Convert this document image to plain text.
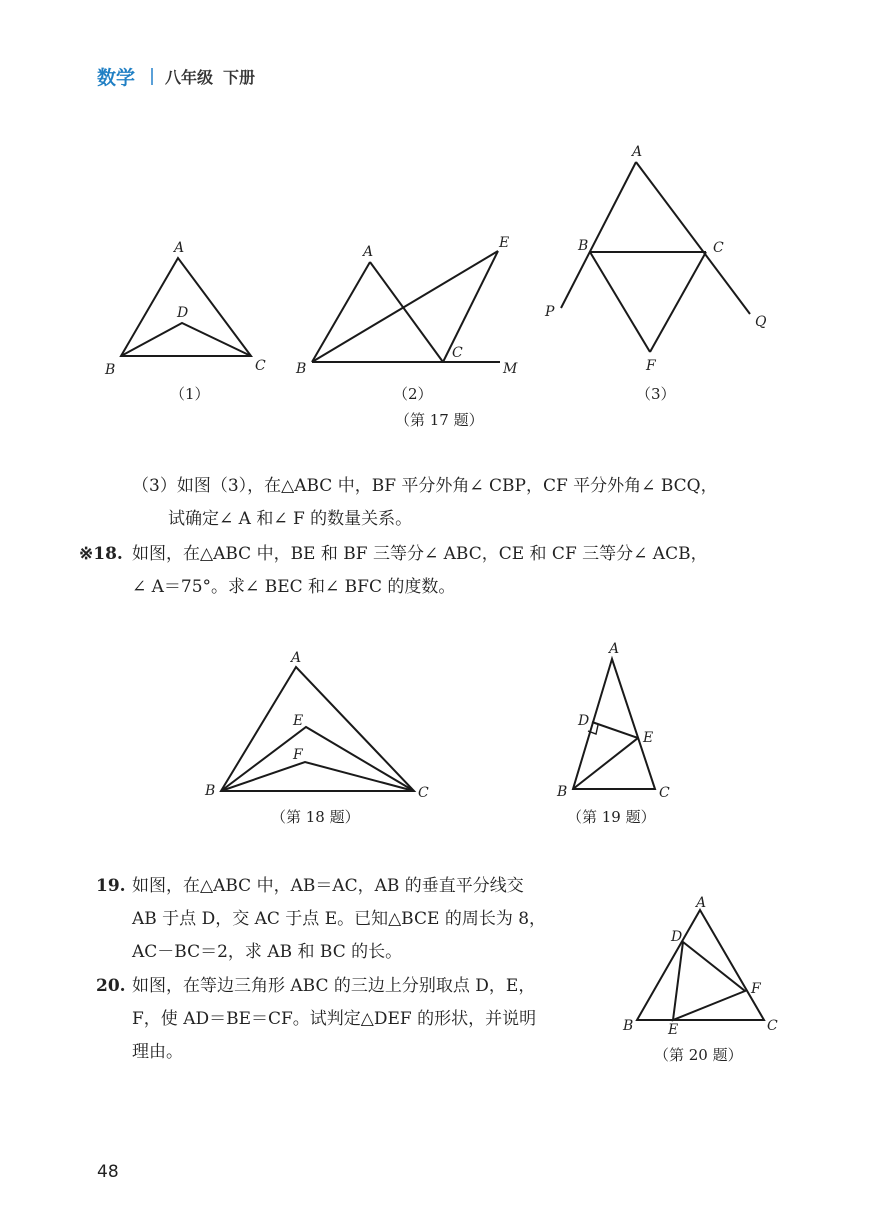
数学 八年级 下册
A
B	C
D
（1）
A
B
C
E
M
（2）
A
B	C
P
Q
F
（3）
（第 17 题）
A
B	C
E
F
（第 18 题）
A
B	C
D
E
（第 19 题）
A
B	C
D
E
F
（第 20 题）
（3）如图（3），在△ABC 中，BF 平分外角∠ CBP，CF 平分外角∠ BCQ，
试确定∠ A 和∠ F 的数量关系。
※18. 如图，在△ABC 中，BE 和 BF 三等分∠ ABC，CE 和 CF 三等分∠ ACB，
∠ A＝75°。求∠ BEC 和∠ BFC 的度数。
19. 如图，在△ABC 中，AB＝AC，AB 的垂直平分线交
AB 于点 D，交 AC 于点 E。已知△BCE 的周长为 8，
AC－BC＝2，求 AB 和 BC 的长。
20. 如图，在等边三角形 ABC 的三边上分别取点 D，E，
F，使 AD＝BE＝CF。试判定△DEF 的形状，并说明
理由。
48
